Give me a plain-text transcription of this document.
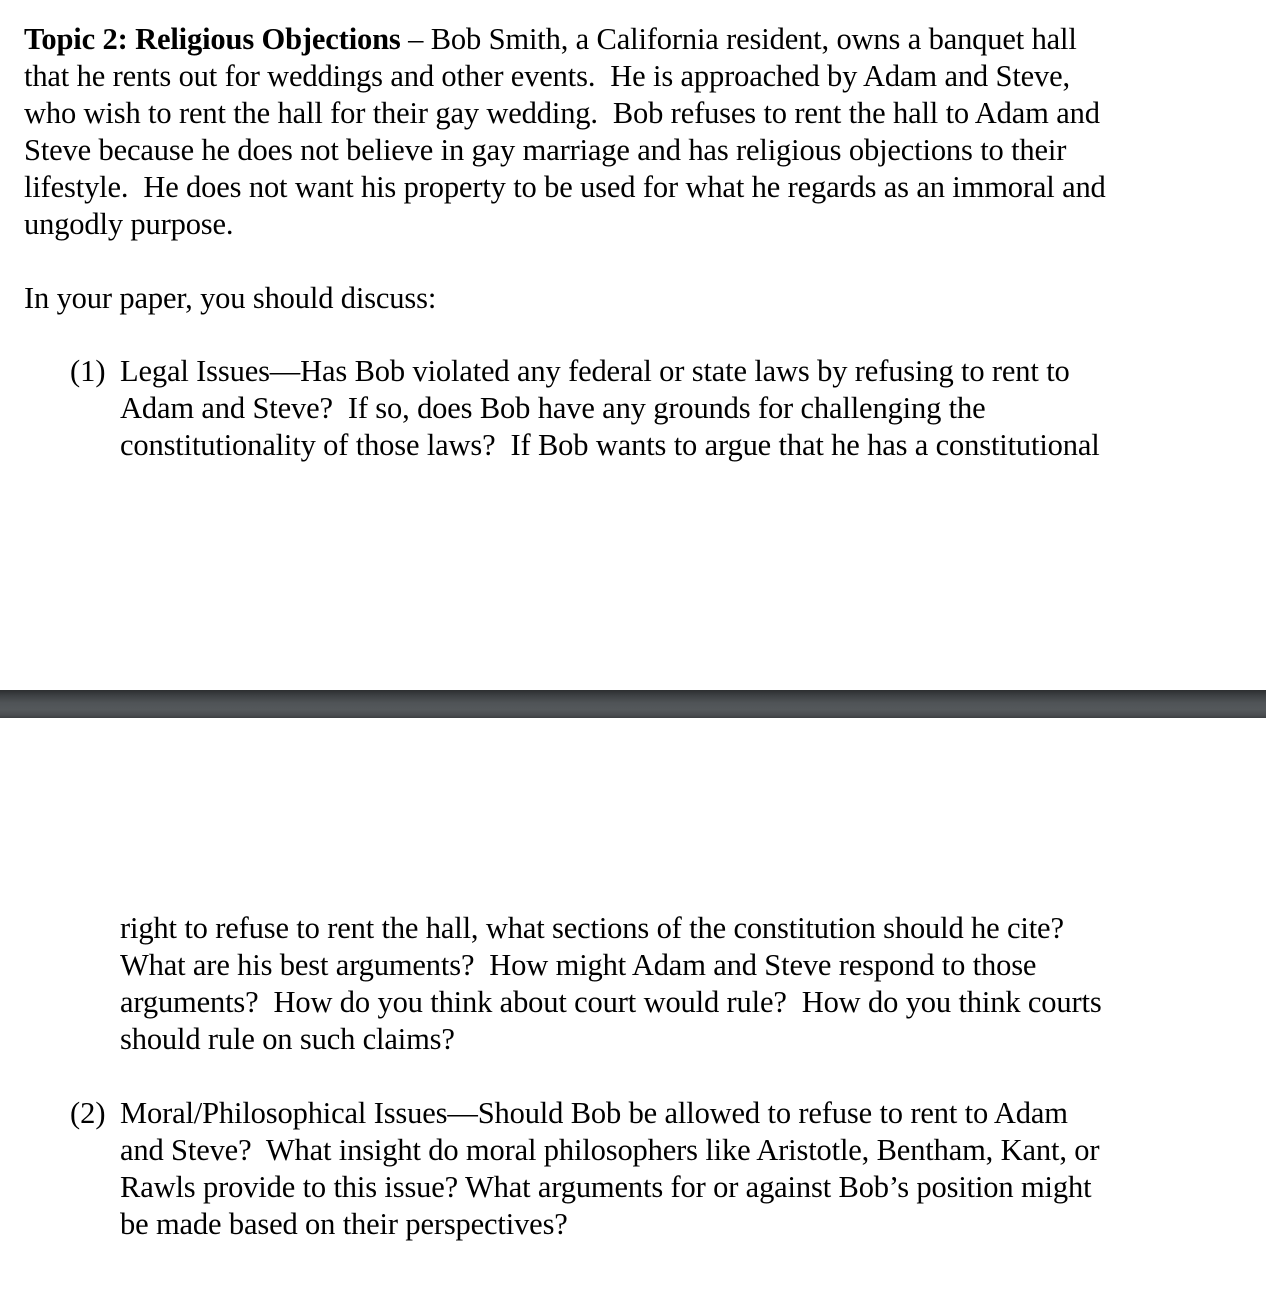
Topic 2: Religious Objections – Bob Smith, a California resident, owns a banquet hall
that he rents out for weddings and other events.  He is approached by Adam and Steve,
who wish to rent the hall for their gay wedding.  Bob refuses to rent the hall to Adam and
Steve because he does not believe in gay marriage and has religious objections to their
lifestyle.  He does not want his property to be used for what he regards as an immoral and
ungodly purpose.
In your paper, you should discuss:
(1) Legal Issues—Has Bob violated any federal or state laws by refusing to rent to
Adam and Steve?  If so, does Bob have any grounds for challenging the
constitutionality of those laws?  If Bob wants to argue that he has a constitutional
right to refuse to rent the hall, what sections of the constitution should he cite?
What are his best arguments?  How might Adam and Steve respond to those
arguments?  How do you think about court would rule?  How do you think courts
should rule on such claims?
(2) Moral/Philosophical Issues—Should Bob be allowed to refuse to rent to Adam
and Steve?  What insight do moral philosophers like Aristotle, Bentham, Kant, or
Rawls provide to this issue? What arguments for or against Bob’s position might
be made based on their perspectives?
